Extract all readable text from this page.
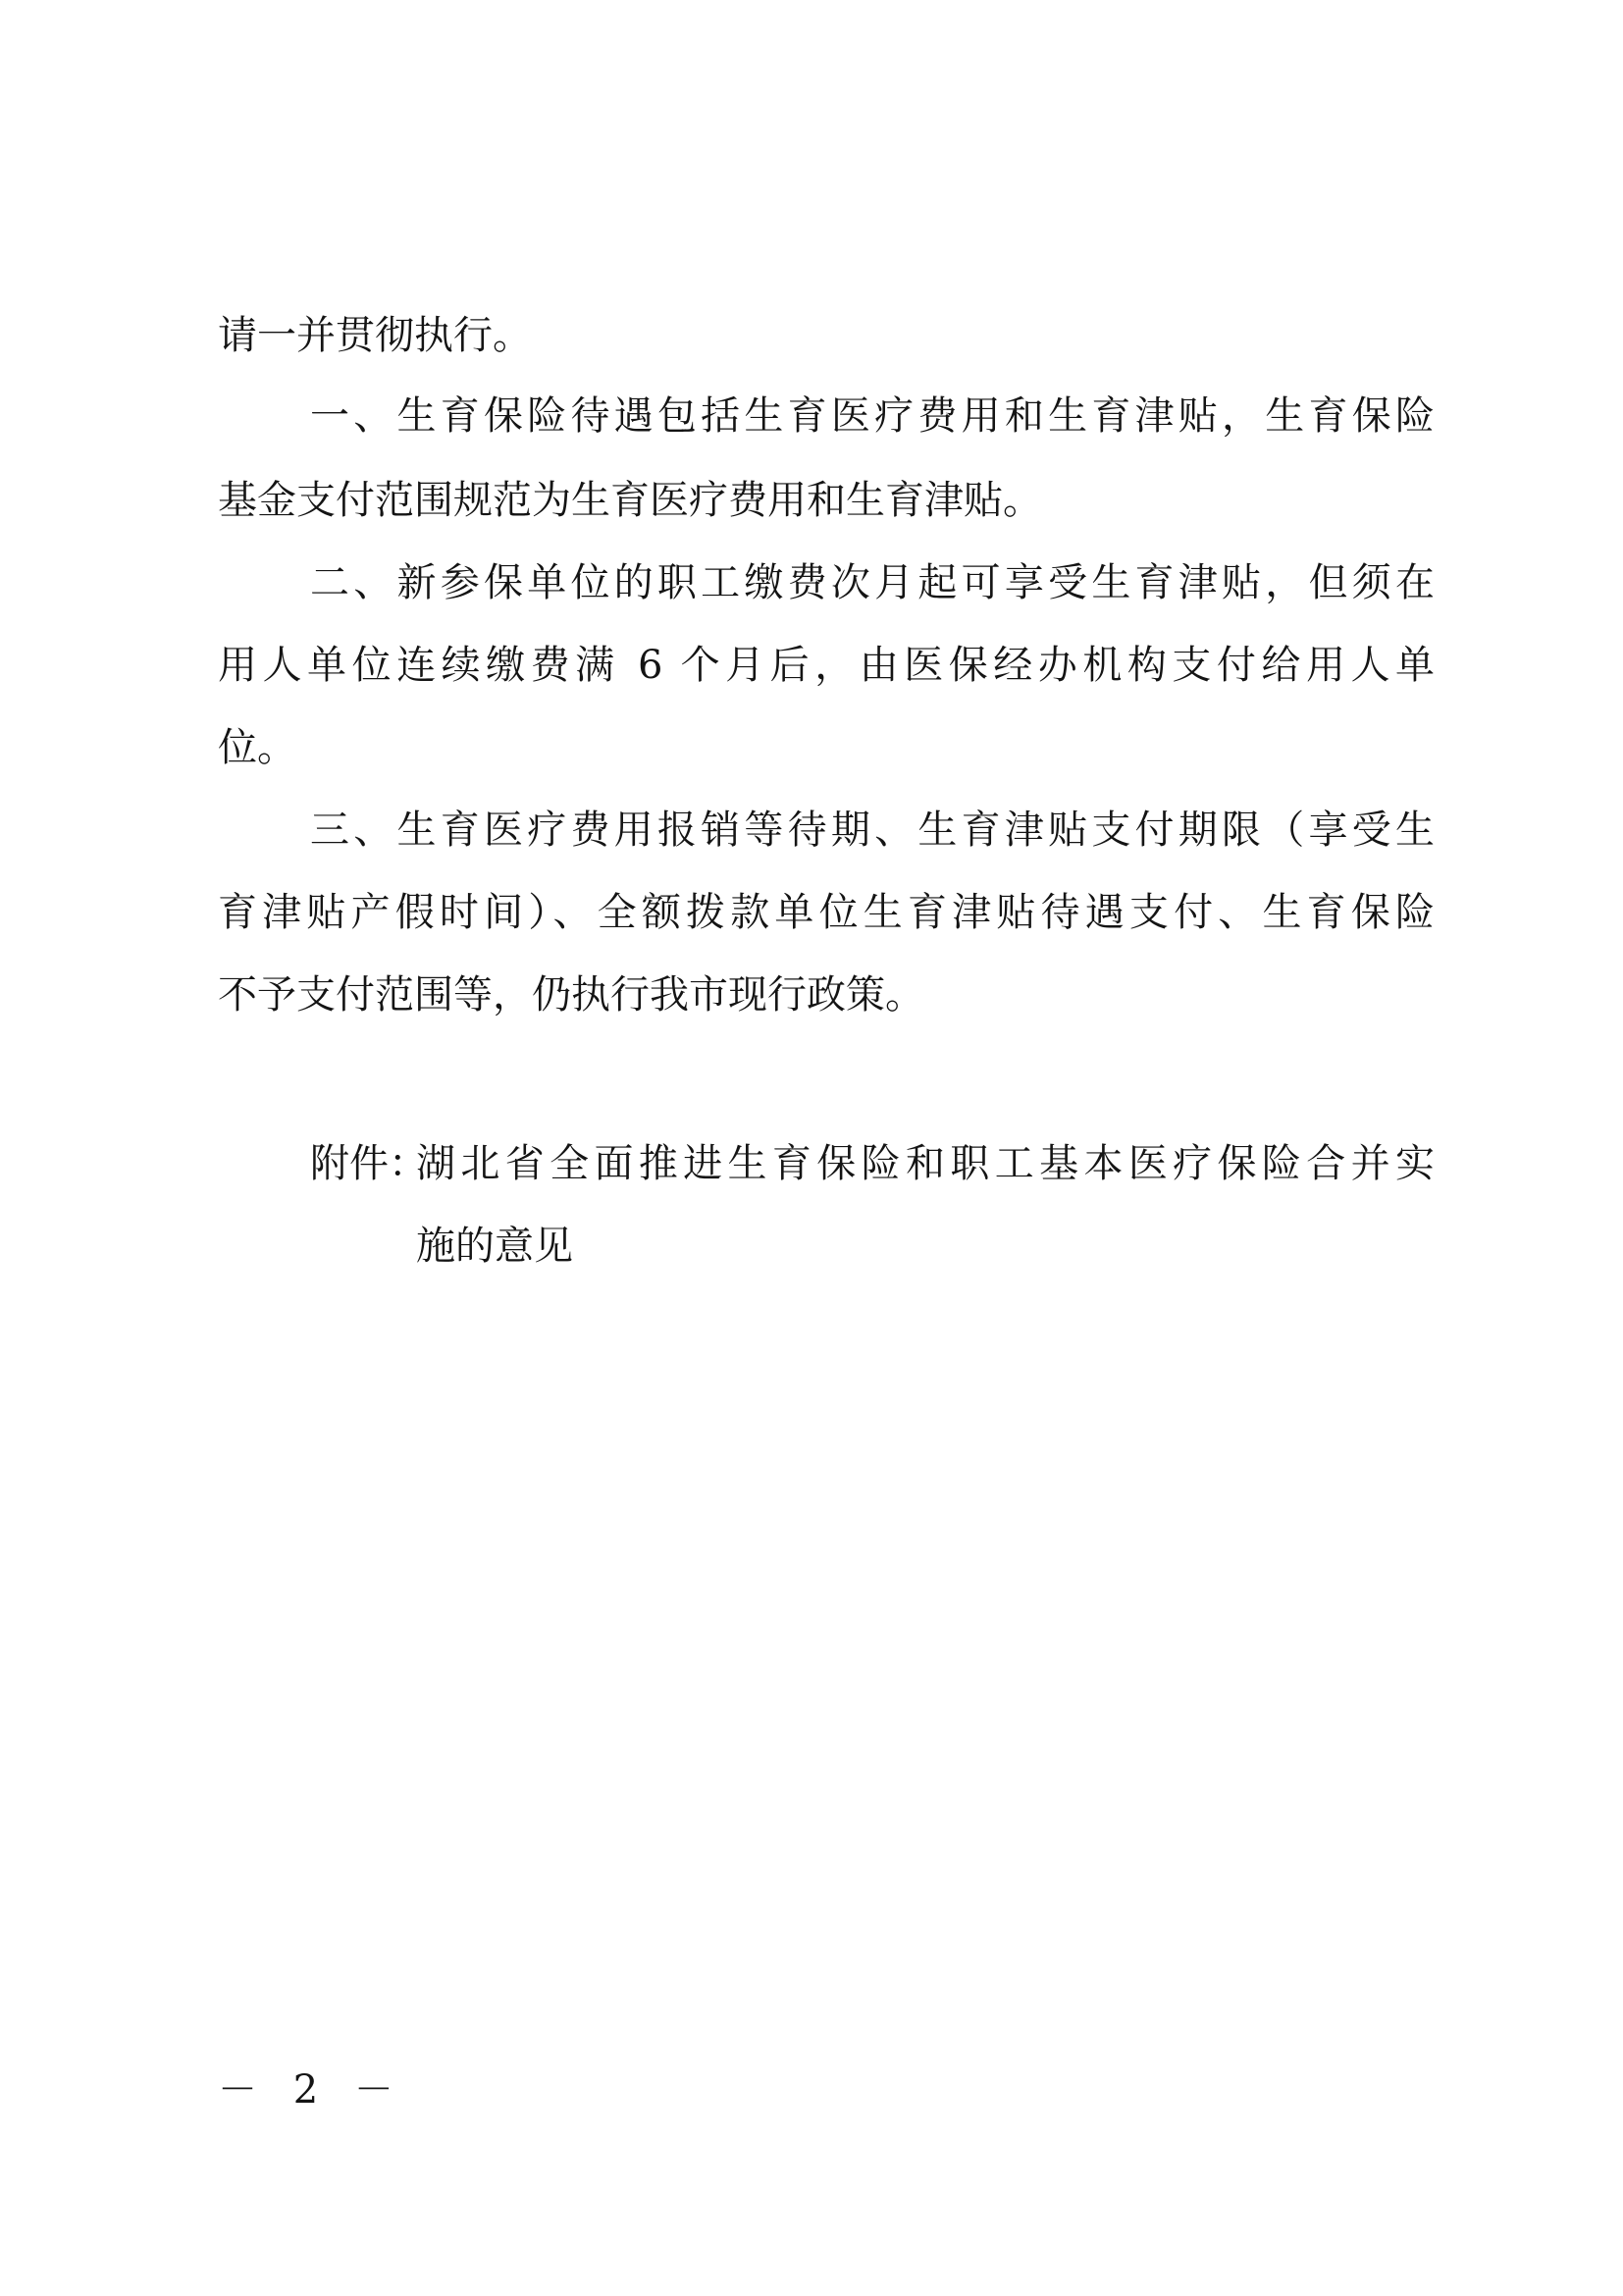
请一并贯彻执行。
一、生育保险待遇包括生育医疗费用和生育津贴，生育保险
基金支付范围规范为生育医疗费用和生育津贴。
二、新参保单位的职工缴费次月起可享受生育津贴，但须在
用人单位连续缴费满 6 个月后，由医保经办机构支付给用人单
位。
三、生育医疗费用报销等待期、生育津贴支付期限（享受生
育津贴产假时间）、全额拨款单位生育津贴待遇支付、生育保险
不予支付范围等，仍执行我市现行政策。
附件：
湖北省全面推进生育保险和职工基本医疗保险合并实
施的意见
－ 2 －
